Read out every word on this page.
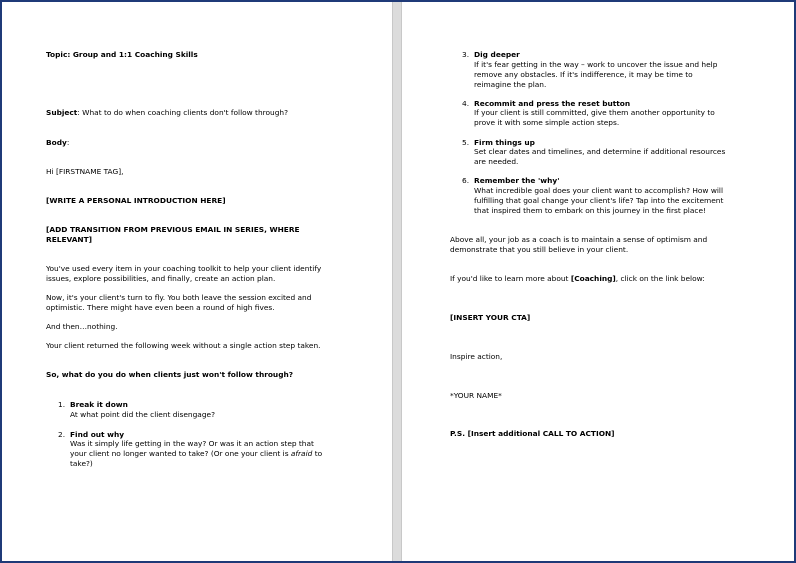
Topic: Group and 1:1 Coaching Skills
Subject: What to do when coaching clients don't follow through?
Body:
Hi [FIRSTNAME TAG],
[WRITE A PERSONAL INTRODUCTION HERE]
[ADD TRANSITION FROM PREVIOUS EMAIL IN SERIES, WHERE
RELEVANT]
You've used every item in your coaching toolkit to help your client identify
issues, explore possibilities, and finally, create an action plan.
Now, it's your client's turn to fly. You both leave the session excited and
optimistic. There might have even been a round of high fives.
And then…nothing.
Your client returned the following week without a single action step taken.
So, what do you do when clients just won't follow through?
1. Break it down
At what point did the client disengage?
2. Find out why
Was it simply life getting in the way? Or was it an action step that
your client no longer wanted to take? (Or one your client is afraid to
take?)
3. Dig deeper
If it's fear getting in the way – work to uncover the issue and help
remove any obstacles. If it's indifference, it may be time to
reimagine the plan.
4. Recommit and press the reset button
If your client is still committed, give them another opportunity to
prove it with some simple action steps.
5. Firm things up
Set clear dates and timelines, and determine if additional resources
are needed.
6. Remember the 'why'
What incredible goal does your client want to accomplish? How will
fulfilling that goal change your client's life? Tap into the excitement
that inspired them to embark on this journey in the first place!
Above all, your job as a coach is to maintain a sense of optimism and
demonstrate that you still believe in your client.
If you'd like to learn more about [Coaching], click on the link below:
[INSERT YOUR CTA]
Inspire action,
*YOUR NAME*
P.S. [Insert additional CALL TO ACTION]
